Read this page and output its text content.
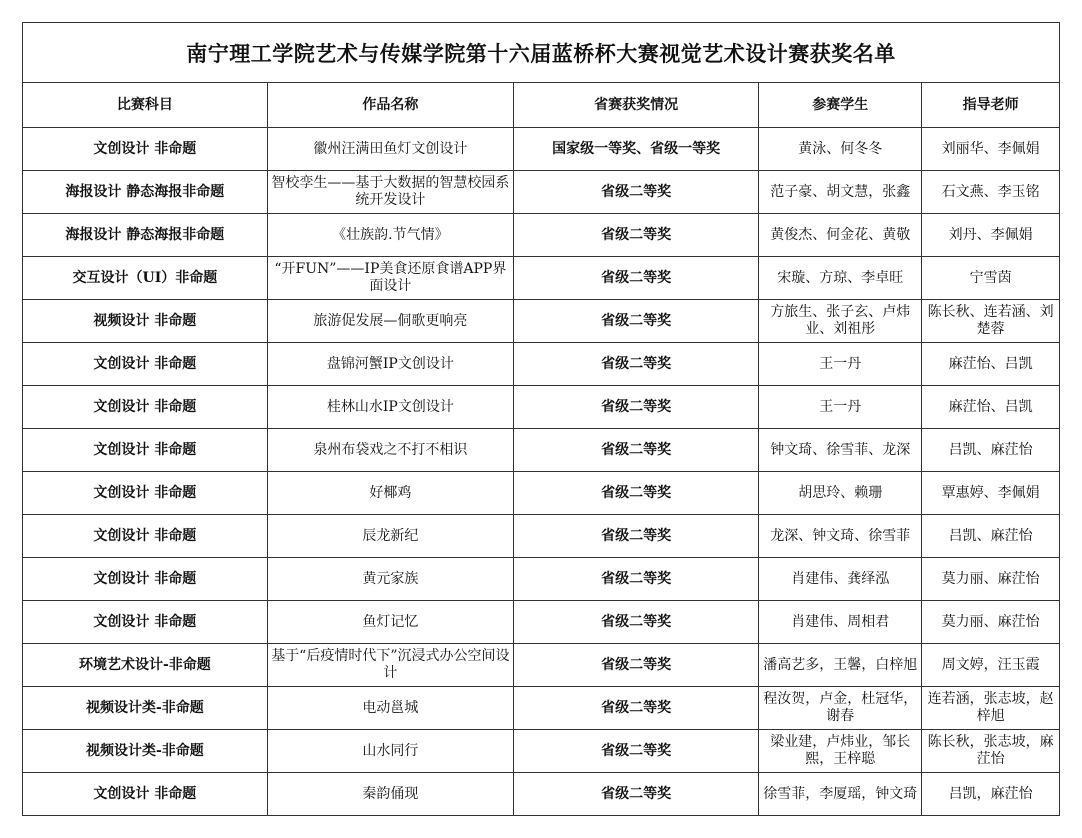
南宁理工学院艺术与传媒学院第十六届蓝桥杯大赛视觉艺术设计赛获奖名单
比赛科目	作品名称	省赛获奖情况	参赛学生	指导老师
文创设计 非命题	徽州汪满田鱼灯文创设计	国家级一等奖、省级一等奖	黄泳、何冬冬	刘丽华、李佩娟
海报设计 静态海报非命题	智校孪生——基于大数据的智慧校园系统开发设计	省级二等奖	范子豪、胡文慧，张鑫	石文燕、李玉铭
海报设计 静态海报非命题	《壮族韵.节气情》	省级二等奖	黄俊杰、何金花、黄敬	刘丹、李佩娟
交互设计（UI）非命题	“开FUN”——IP美食还原食谱APP界面设计	省级二等奖	宋璇、方琼、李卓旺	宁雪茵
视频设计 非命题	旅游促发展—侗歌更响亮	省级二等奖	方旅生、张子玄、卢炜业、刘祖彤	陈长秋、连若涵、刘楚蓉
文创设计 非命题	盘锦河蟹IP文创设计	省级二等奖	王一丹	麻茳怡、吕凯
文创设计 非命题	桂林山水IP文创设计	省级二等奖	王一丹	麻茳怡、吕凯
文创设计 非命题	泉州布袋戏之不打不相识	省级二等奖	钟文琦、徐雪菲、龙深	吕凯、麻茳怡
文创设计 非命题	好椰鸡	省级二等奖	胡思玲、赖珊	覃惠婷、李佩娟
文创设计 非命题	辰龙新纪	省级二等奖	龙深、钟文琦、徐雪菲	吕凯、麻茳怡
文创设计 非命题	黄元家族	省级二等奖	肖建伟、龚绎泓	莫力丽、麻茳怡
文创设计 非命题	鱼灯记忆	省级二等奖	肖建伟、周相君	莫力丽、麻茳怡
环境艺术设计-非命题	基于“后疫情时代下”沉浸式办公空间设计	省级二等奖	潘高艺多，王馨，白梓旭	周文婷，汪玉霞
视频设计类-非命题	电动邕城	省级二等奖	程汝贺，卢金，杜冠华，谢春	连若涵，张志坡，赵梓旭
视频设计类-非命题	山水同行	省级二等奖	梁业建，卢炜业，邹长熙，王梓聪	陈长秋，张志坡，麻茳怡
文创设计 非命题	秦韵俑现	省级二等奖	徐雪菲，李厦瑶，钟文琦	吕凯，麻茳怡
